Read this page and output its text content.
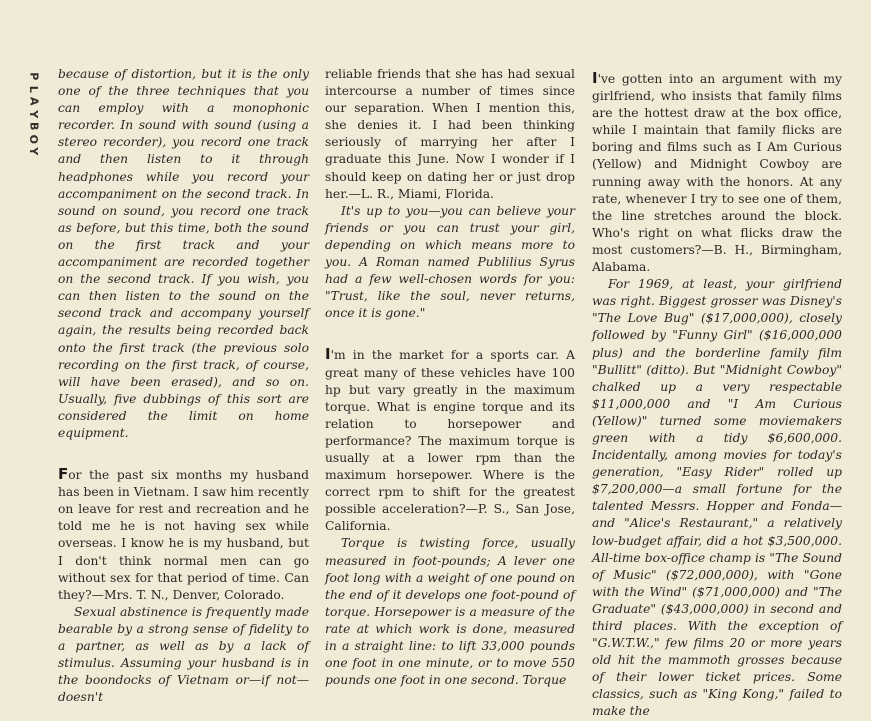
P
L
A
Y
B
O
Y

because of distortion, but it is the only one of the three techniques that you can employ with a monophonic recorder. In sound with sound (using a stereo recorder), you record one track and then listen to it through headphones while you record your accompaniment on the second track. In sound on sound, you record one track as before, but this time, both the sound on the first track and your accompaniment are recorded together on the second track. If you wish, you can then listen to the sound on the second track and accompany yourself again, the results being recorded back onto the first track (the previous solo recording on the first track, of course, will have been erased), and so on. Usually, five dubbings of this sort are considered the limit on home equipment.

For the past six months my husband has been in Vietnam. I saw him recently on leave for rest and recreation and he told me he is not having sex while overseas. I know he is my husband, but I don't think normal men can go without sex for that period of time. Can they?—Mrs. T. N., Denver, Colorado.

Sexual abstinence is frequently made bearable by a strong sense of fidelity to a partner, as well as by a lack of stimulus. Assuming your husband is in the boondocks of Vietnam or—if not—doesn't

reliable friends that she has had sexual intercourse a number of times since our separation. When I mention this, she denies it. I had been thinking seriously of marrying her after I graduate this June. Now I wonder if I should keep on dating her or just drop her.—L. R., Miami, Florida.

It's up to you—you can believe your friends or you can trust your girl, depending on which means more to you. A Roman named Publilius Syrus had a few well-chosen words for you: "Trust, like the soul, never returns, once it is gone."

I'm in the market for a sports car. A great many of these vehicles have 100 hp but vary greatly in the maximum torque. What is engine torque and its relation to horsepower and performance? The maximum torque is usually at a lower rpm than the maximum horsepower. Where is the correct rpm to shift for the greatest possible acceleration?—P. S., San Jose, California.

Torque is twisting force, usually measured in foot-pounds; A lever one foot long with a weight of one pound on the end of it develops one foot-pound of torque. Horsepower is a measure of the rate at which work is done, measured in a straight line: to lift 33,000 pounds one foot in one minute, or to move 550 pounds one foot in one second. Torque

I've gotten into an argument with my girlfriend, who insists that family films are the hottest draw at the box office, while I maintain that family flicks are boring and films such as I Am Curious (Yellow) and Midnight Cowboy are running away with the honors. At any rate, whenever I try to see one of them, the line stretches around the block. Who's right on what flicks draw the most customers?—B. H., Birmingham, Alabama.

For 1969, at least, your girlfriend was right. Biggest grosser was Disney's "The Love Bug" ($17,000,000), closely followed by "Funny Girl" ($16,000,000 plus) and the borderline family film "Bullitt" (ditto). But "Midnight Cowboy" chalked up a very respectable $11,000,000 and "I Am Curious (Yellow)" turned some moviemakers green with a tidy $6,600,000. Incidentally, among movies for today's generation, "Easy Rider" rolled up $7,200,000—a small fortune for the talented Messrs. Hopper and Fonda—and "Alice's Restaurant," a relatively low-budget affair, did a hot $3,500,000. All-time box-office champ is "The Sound of Music" ($72,000,000), with "Gone with the Wind" ($71,000,000) and "The Graduate" ($43,000,000) in second and third places. With the exception of "G.W.T.W.," few films 20 or more years old hit the mammoth grosses because of their lower ticket prices. Some classics, such as "King Kong," failed to make the
